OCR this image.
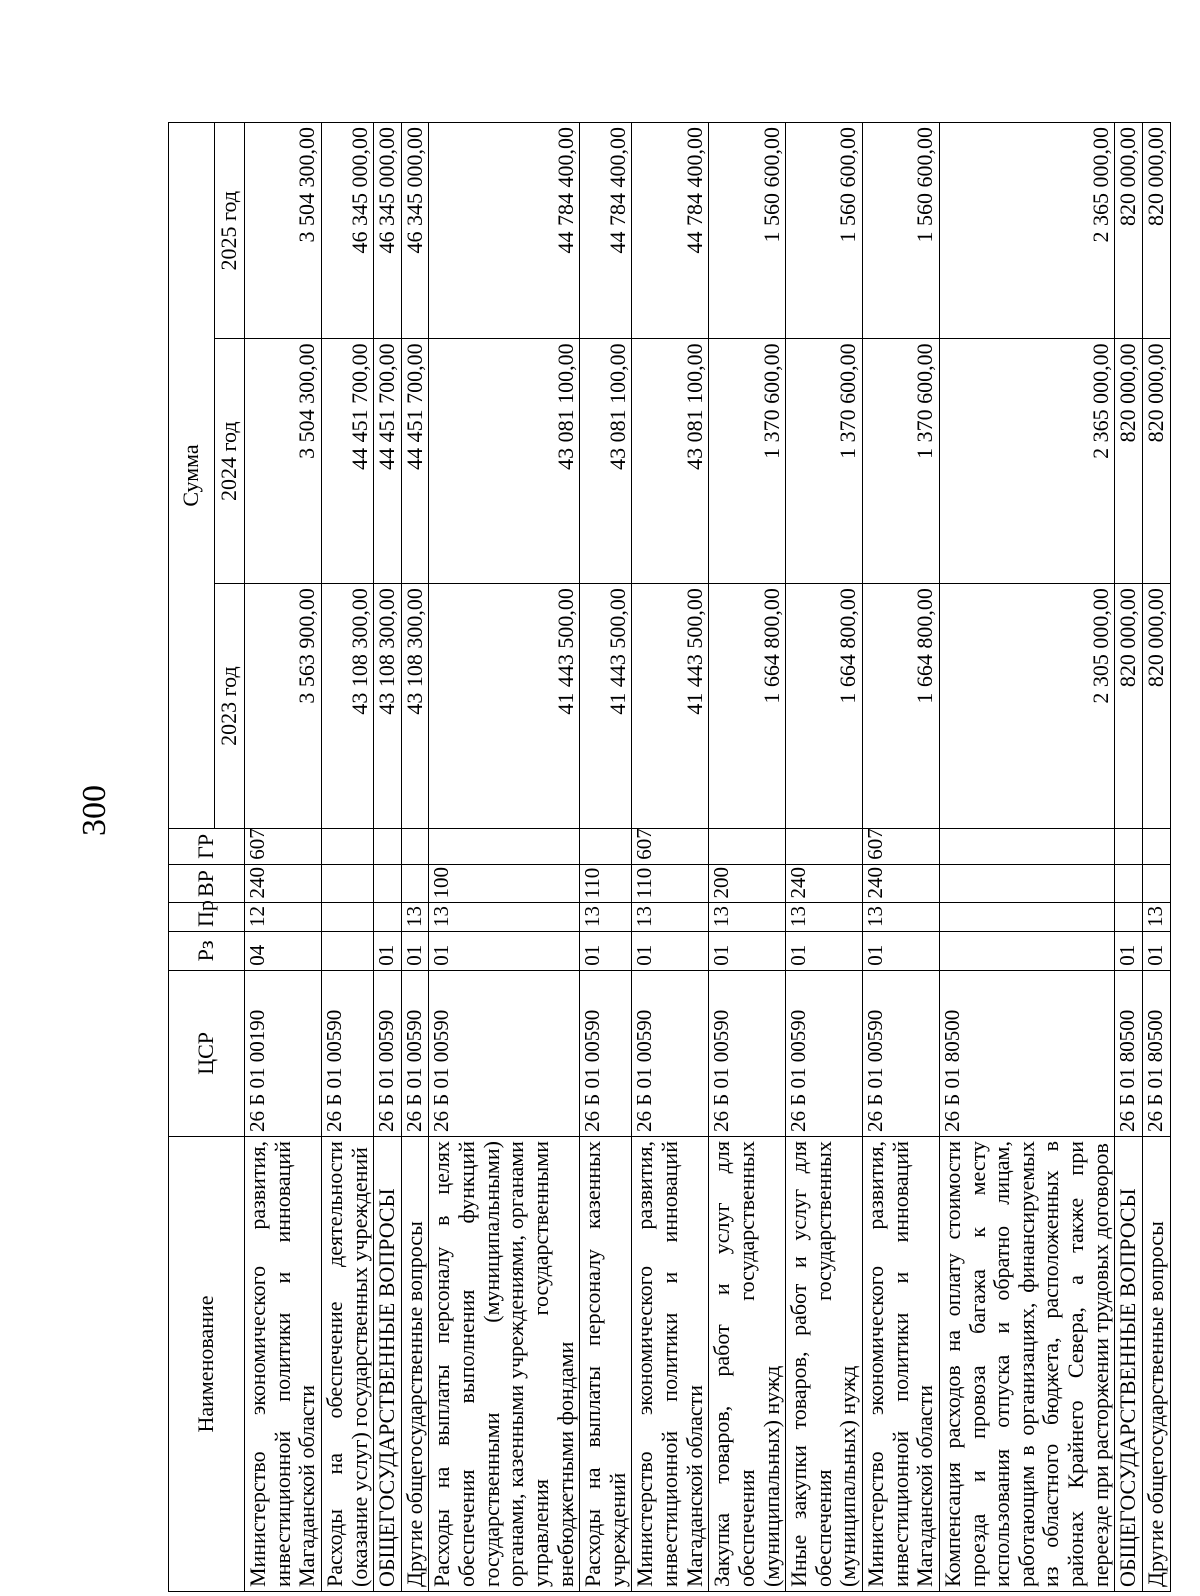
300
Наименование	ЦСР	Рз	Пр	ВР	ГР	Сумма		
						2023 год	2024 год	2025 год
Министерство экономического развития, инвестиционной политики и инноваций Магаданской области	26 Б 01 00190	04	12	240	607	3 563 900,00	3 504 300,00	3 504 300,00
Расходы на обеспечение деятельности (оказание услуг) государственных учреждений	26 Б 01 00590					43 108 300,00	44 451 700,00	46 345 000,00
ОБЩЕГОСУДАРСТВЕННЫЕ ВОПРОСЫ	26 Б 01 00590	01				43 108 300,00	44 451 700,00	46 345 000,00
Другие общегосударственные вопросы	26 Б 01 00590	01	13			43 108 300,00	44 451 700,00	46 345 000,00
Расходы на выплаты персоналу в целях обеспечения выполнения функций государственными (муниципальными) органами, казенными учреждениями, органами управления государственными внебюджетными фондами	26 Б 01 00590	01	13	100		41 443 500,00	43 081 100,00	44 784 400,00
Расходы на выплаты персоналу казенных учреждений	26 Б 01 00590	01	13	110		41 443 500,00	43 081 100,00	44 784 400,00
Министерство экономического развития, инвестиционной политики и инноваций Магаданской области	26 Б 01 00590	01	13	110	607	41 443 500,00	43 081 100,00	44 784 400,00
Закупка товаров, работ и услуг для обеспечения государственных (муниципальных) нужд	26 Б 01 00590	01	13	200		1 664 800,00	1 370 600,00	1 560 600,00
Иные закупки товаров, работ и услуг для обеспечения государственных (муниципальных) нужд	26 Б 01 00590	01	13	240		1 664 800,00	1 370 600,00	1 560 600,00
Министерство экономического развития, инвестиционной политики и инноваций Магаданской области	26 Б 01 00590	01	13	240	607	1 664 800,00	1 370 600,00	1 560 600,00
Компенсация расходов на оплату стоимости проезда и провоза багажа к месту использования отпуска и обратно лицам, работающим в организациях, финансируемых из областного бюджета, расположенных в районах Крайнего Севера, а также при переезде при расторжении трудовых договоров	26 Б 01 80500					2 305 000,00	2 365 000,00	2 365 000,00
ОБЩЕГОСУДАРСТВЕННЫЕ ВОПРОСЫ	26 Б 01 80500	01				820 000,00	820 000,00	820 000,00
Другие общегосударственные вопросы	26 Б 01 80500	01	13			820 000,00	820 000,00	820 000,00
